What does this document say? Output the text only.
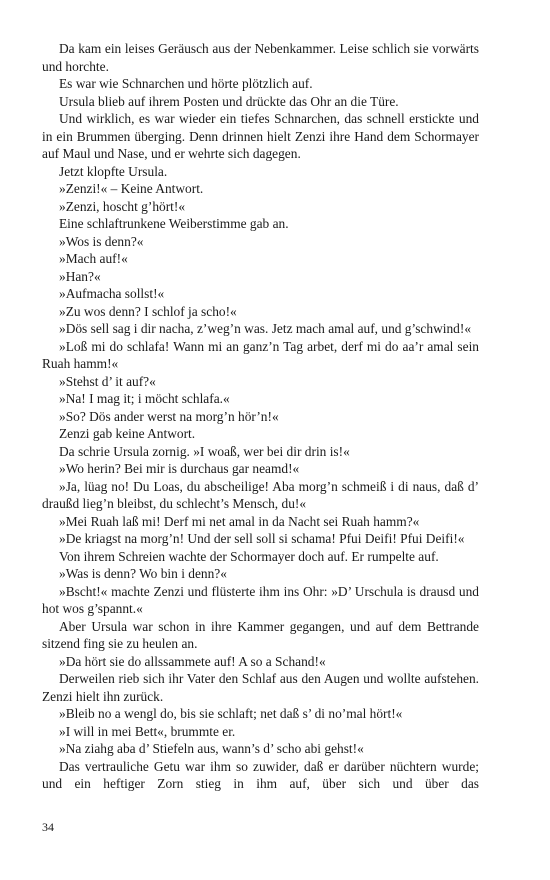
Da kam ein leises Geräusch aus der Nebenkammer. Leise schlich sie vorwärts und horchte.

Es war wie Schnarchen und hörte plötzlich auf.

Ursula blieb auf ihrem Posten und drückte das Ohr an die Türe.

Und wirklich, es war wieder ein tiefes Schnarchen, das schnell erstickte und in ein Brummen überging. Denn drinnen hielt Zenzi ihre Hand dem Schormayer auf Maul und Nase, und er wehrte sich dagegen.

Jetzt klopfte Ursula.

»Zenzi!« – Keine Antwort.

»Zenzi, hoscht g’hört!«

Eine schlaftrunkene Weiberstimme gab an.

»Wos is denn?«

»Mach auf!«

»Han?«

»Aufmacha sollst!«

»Zu wos denn? I schlof ja scho!«

»Dös sell sag i dir nacha, z’weg’n was. Jetz mach amal auf, und g’schwind!«

»Loß mi do schlafa! Wann mi an ganz’n Tag arbet, derf mi do aa’r amal sein Ruah hamm!«

»Stehst d’ it auf?«

»Na! I mag it; i möcht schlafa.«

»So? Dös ander werst na morg’n hör’n!«

Zenzi gab keine Antwort.

Da schrie Ursula zornig. »I woaß, wer bei dir drin is!«

»Wo herin? Bei mir is durchaus gar neamd!«

»Ja, lüag no! Du Loas, du abscheilige! Aba morg’n schmeiß i di naus, daß d’ draußd lieg’n bleibst, du schlecht’s Mensch, du!«

»Mei Ruah laß mi! Derf mi net amal in da Nacht sei Ruah hamm?«

»De kriagst na morg’n! Und der sell soll si schama! Pfui Deifi! Pfui Deifi!«

Von ihrem Schreien wachte der Schormayer doch auf. Er rumpelte auf.

»Was is denn? Wo bin i denn?«

»Bscht!« machte Zenzi und flüsterte ihm ins Ohr: »D’ Urschula is drausd und hot wos g’spannt.«

Aber Ursula war schon in ihre Kammer gegangen, und auf dem Bettrande sitzend fing sie zu heulen an.

»Da hört sie do allssammete auf! A so a Schand!«

Derweilen rieb sich ihr Vater den Schlaf aus den Augen und wollte aufstehen. Zenzi hielt ihn zurück.

»Bleib no a wengl do, bis sie schlaft; net daß s’ di no’mal hört!«

»I will in mei Bett«, brummte er.

»Na ziahg aba d’ Stiefeln aus, wann’s d’ scho abi gehst!«

Das vertrauliche Getu war ihm so zuwider, daß er darüber nüchtern wurde; und ein heftiger Zorn stieg in ihm auf, über sich und über das

34
